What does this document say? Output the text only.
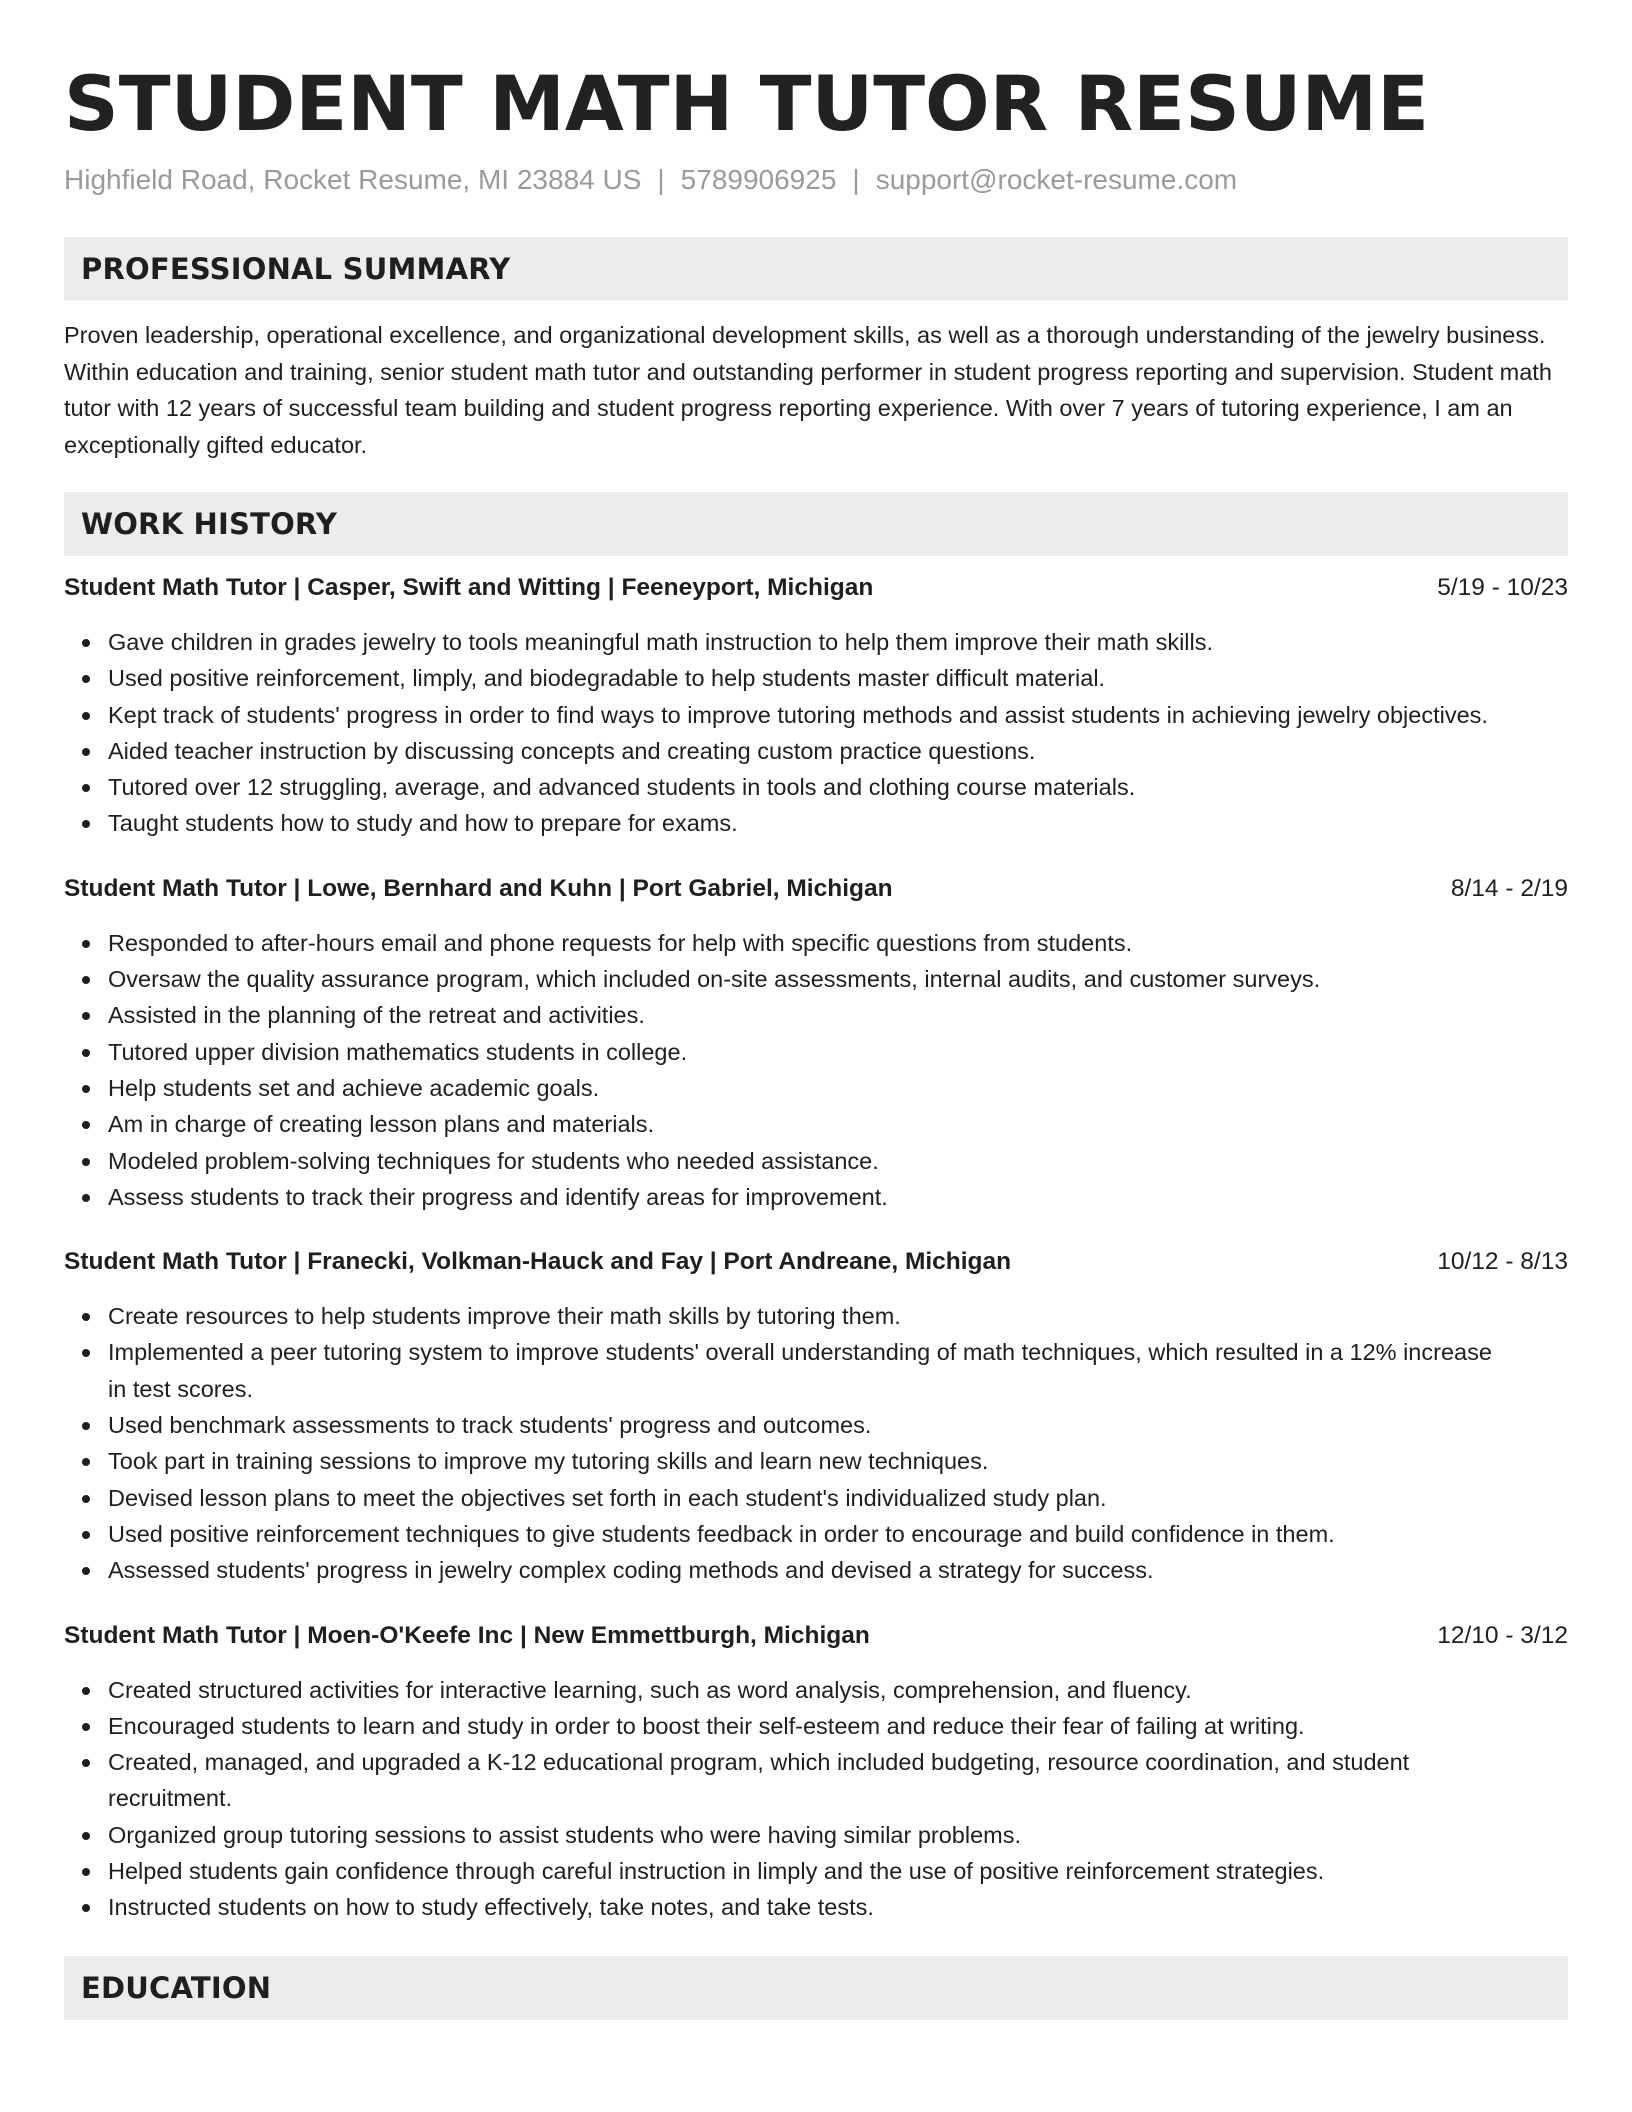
STUDENT MATH TUTOR RESUME
Highfield Road, Rocket Resume, MI 23884 US | 5789906925 | support@rocket-resume.com
PROFESSIONAL SUMMARY

Proven leadership, operational excellence, and organizational development skills, as well as a thorough understanding of the jewelry business. Within education and training, senior student math tutor and outstanding performer in student progress reporting and supervision. Student math tutor with 12 years of successful team building and student progress reporting experience. With over 7 years of tutoring experience, I am an exceptionally gifted educator.

WORK HISTORY
Student Math Tutor | Casper, Swift and Witting | Feeneyport, Michigan	5/19 - 10/23
Gave children in grades jewelry to tools meaningful math instruction to help them improve their math skills.
Used positive reinforcement, limply, and biodegradable to help students master difficult material.
Kept track of students' progress in order to find ways to improve tutoring methods and assist students in achieving jewelry objectives.
Aided teacher instruction by discussing concepts and creating custom practice questions.
Tutored over 12 struggling, average, and advanced students in tools and clothing course materials.
Taught students how to study and how to prepare for exams.
Student Math Tutor | Lowe, Bernhard and Kuhn | Port Gabriel, Michigan	8/14 - 2/19
Responded to after-hours email and phone requests for help with specific questions from students.
Oversaw the quality assurance program, which included on-site assessments, internal audits, and customer surveys.
Assisted in the planning of the retreat and activities.
Tutored upper division mathematics students in college.
Help students set and achieve academic goals.
Am in charge of creating lesson plans and materials.
Modeled problem-solving techniques for students who needed assistance.
Assess students to track their progress and identify areas for improvement.
Student Math Tutor | Franecki, Volkman-Hauck and Fay | Port Andreane, Michigan	10/12 - 8/13
Create resources to help students improve their math skills by tutoring them.
Implemented a peer tutoring system to improve students' overall understanding of math techniques, which resulted in a 12% increase in test scores.
Used benchmark assessments to track students' progress and outcomes.
Took part in training sessions to improve my tutoring skills and learn new techniques.
Devised lesson plans to meet the objectives set forth in each student's individualized study plan.
Used positive reinforcement techniques to give students feedback in order to encourage and build confidence in them.
Assessed students' progress in jewelry complex coding methods and devised a strategy for success.
Student Math Tutor | Moen-O'Keefe Inc | New Emmettburgh, Michigan	12/10 - 3/12
Created structured activities for interactive learning, such as word analysis, comprehension, and fluency.
Encouraged students to learn and study in order to boost their self-esteem and reduce their fear of failing at writing.
Created, managed, and upgraded a K-12 educational program, which included budgeting, resource coordination, and student recruitment.
Organized group tutoring sessions to assist students who were having similar problems.
Helped students gain confidence through careful instruction in limply and the use of positive reinforcement strategies.
Instructed students on how to study effectively, take notes, and take tests.
EDUCATION
